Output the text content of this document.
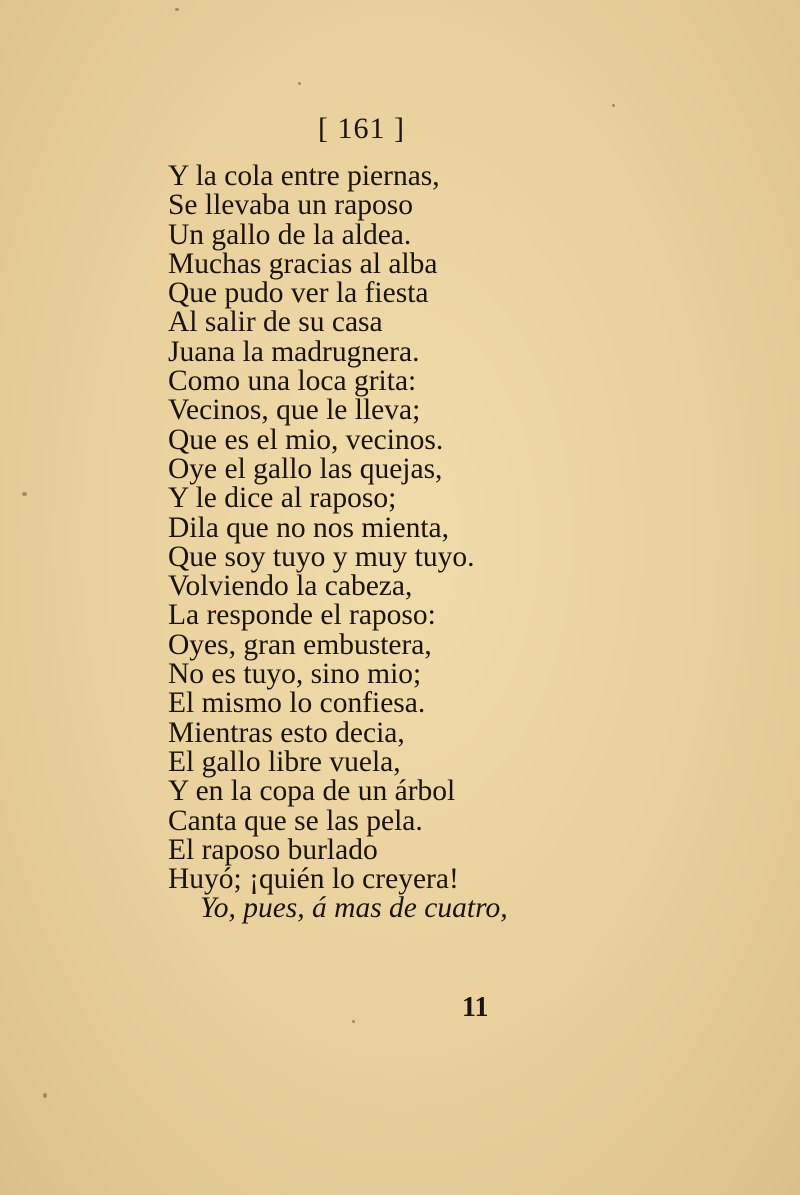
[ 161 ]
Y la cola entre piernas,
Se llevaba un raposo
Un gallo de la aldea.
Muchas gracias al alba
Que pudo ver la fiesta
Al salir de su casa
Juana la madrugnera.
Como una loca grita:
Vecinos, que le lleva;
Que es el mio, vecinos.
Oye el gallo las quejas,
Y le dice al raposo;
Dila que no nos mienta,
Que soy tuyo y muy tuyo.
Volviendo la cabeza,
La responde el raposo:
Oyes, gran embustera,
No es tuyo, sino mio;
El mismo lo confiesa.
Mientras esto decia,
El gallo libre vuela,
Y en la copa de un árbol
Canta que se las pela.
El raposo burlado
Huyó; ¡quién lo creyera!
Yo, pues, á mas de cuatro,
11
